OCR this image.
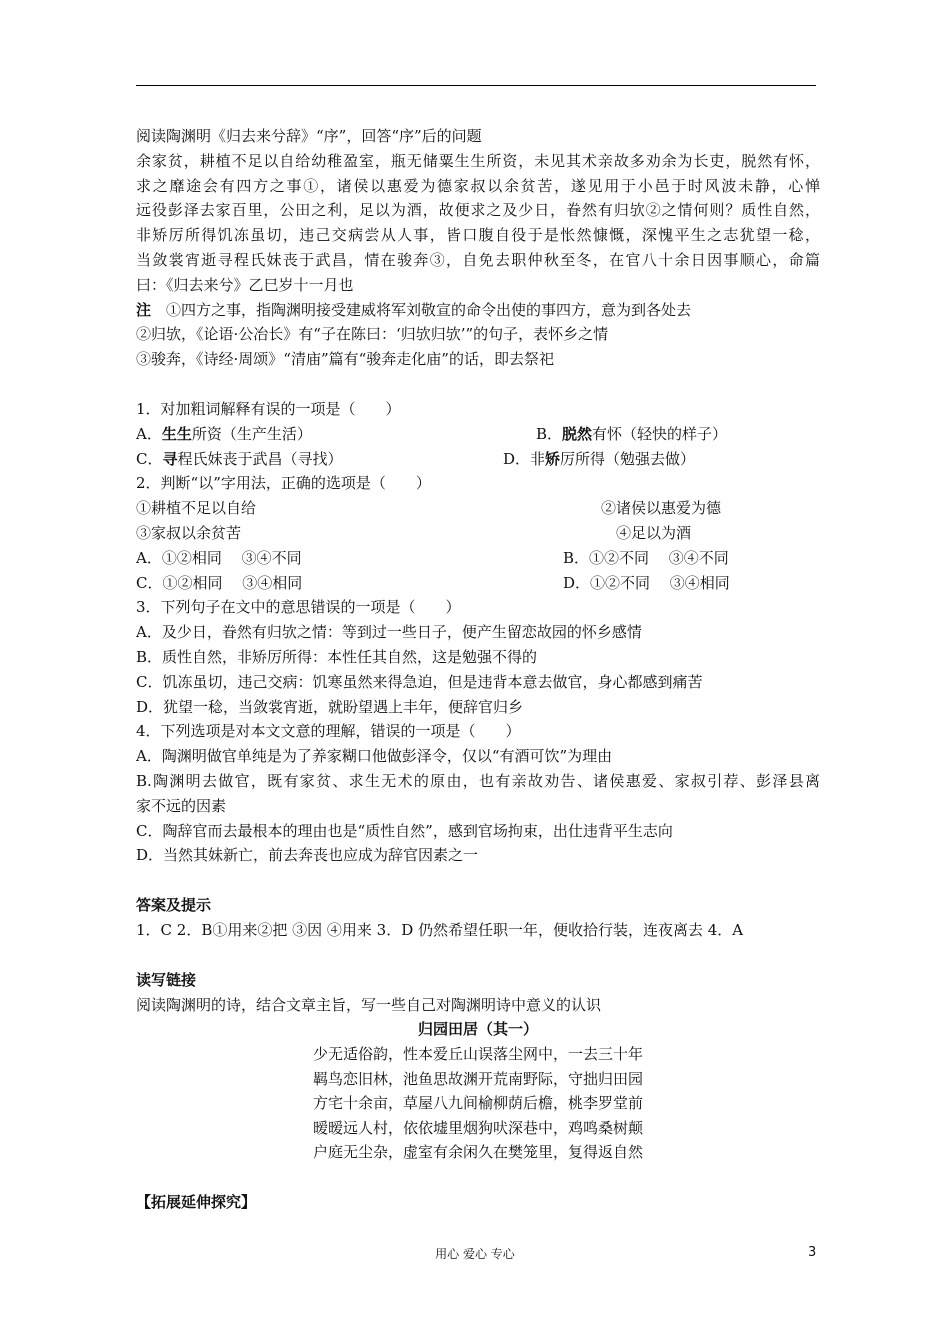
阅读陶渊明《归去来兮辞》“序”，回答“序”后的问题
余家贫，耕植不足以自给幼稚盈室，瓶无储粟生生所资，未见其术亲故多劝余为长吏，脱然有怀，
求之靡途会有四方之事①，诸侯以惠爱为德家叔以余贫苦，遂见用于小邑于时风波未静，心惮
远役彭泽去家百里，公田之利，足以为酒，故便求之及少日，眷然有归欤②之情何则？质性自然，
非矫厉所得饥冻虽切，违己交病尝从人事，皆口腹自役于是怅然慷慨，深愧平生之志犹望一稔，
当敛裳宵逝寻程氏妹丧于武昌，情在骏奔③，自免去职仲秋至冬，在官八十余日因事顺心，命篇
曰：《归去来兮》乙巳岁十一月也
注　 ①四方之事，指陶渊明接受建威将军刘敬宣的命令出使的事四方，意为到各处去
②归欤，《论语·公冶长》有“子在陈曰：‘归欤归欤’”的句子，表怀乡之情
③骏奔，《诗经·周颂》“清庙”篇有“骏奔走化庙”的话，即去祭祀
1．对加粗词解释有误的一项是（　　）
A．生生所资（生产生活）	B．脱然有怀（轻快的样子）
C．寻程氏妹丧于武昌（寻找）	D．非矫厉所得（勉强去做）
2．判断“以”字用法，正确的选项是（　　）
①耕植不足以自给	②诸侯以惠爱为德
③家叔以余贫苦	④足以为酒
A．①②相同　 ③④不同	B．①②不同　 ③④不同
C．①②相同　 ③④相同	D．①②不同　 ③④相同
3．下列句子在文中的意思错误的一项是（　　）
A．及少日，眷然有归欤之情：等到过一些日子，便产生留恋故园的怀乡感情
B．质性自然，非矫厉所得：本性任其自然，这是勉强不得的
C．饥冻虽切，违己交病：饥寒虽然来得急迫，但是违背本意去做官，身心都感到痛苦
D．犹望一稔，当敛裳宵逝，就盼望遇上丰年，便辞官归乡
4．下列选项是对本文文意的理解，错误的一项是（　　）
A．陶渊明做官单纯是为了养家糊口他做彭泽令，仅以“有酒可饮”为理由
B.陶渊明去做官，既有家贫、求生无术的原由，也有亲故劝告、诸侯惠爱、家叔引荐、彭泽县离
家不远的因素
C．陶辞官而去最根本的理由也是“质性自然”，感到官场拘束，出仕违背平生志向
D．当然其妹新亡，前去奔丧也应成为辞官因素之一
答案及提示
1．C 2．B①用来②把 ③因 ④用来 3．D 仍然希望任职一年，便收拾行装，连夜离去 4．A
读写链接
阅读陶渊明的诗，结合文章主旨，写一些自己对陶渊明诗中意义的认识
归园田居（其一）
少无适俗韵，性本爱丘山误落尘网中，一去三十年
羁鸟恋旧林，池鱼思故渊开荒南野际，守拙归田园
方宅十余亩，草屋八九间榆柳荫后檐，桃李罗堂前
暧暧远人村，依依墟里烟狗吠深巷中，鸡鸣桑树颠
户庭无尘杂，虚室有余闲久在樊笼里，复得返自然
【拓展延伸探究】
用心 爱心 专心	3
